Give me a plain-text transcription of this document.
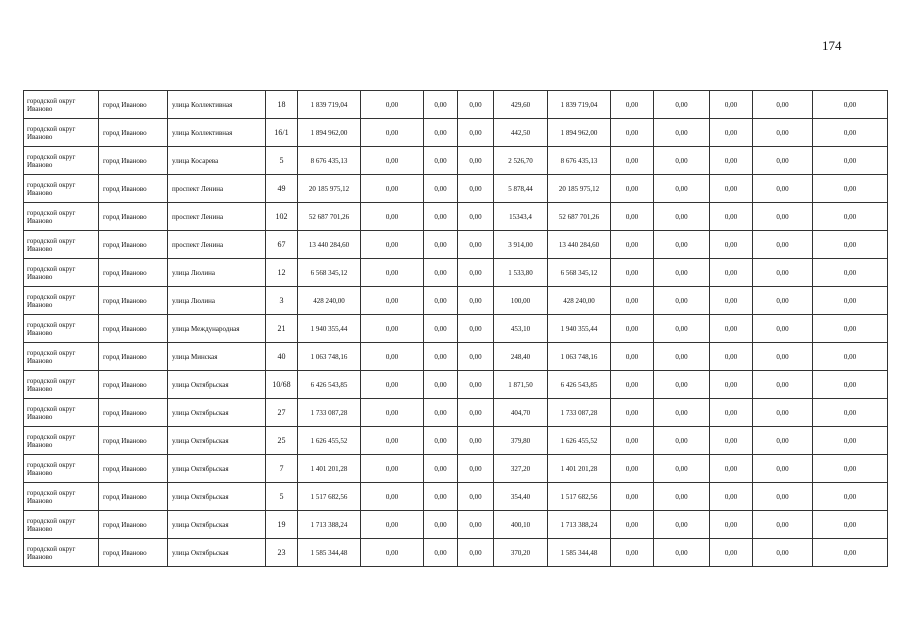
174
городской округ Иваново	город Иваново	улица Коллективная	18	1 839 719,04	0,00	0,00	0,00	429,60	1 839 719,04	0,00	0,00	0,00	0,00	0,00
городской округ Иваново	город Иваново	улица Коллективная	16/1	1 894 962,00	0,00	0,00	0,00	442,50	1 894 962,00	0,00	0,00	0,00	0,00	0,00
городской округ Иваново	город Иваново	улица Косарева	5	8 676 435,13	0,00	0,00	0,00	2 526,70	8 676 435,13	0,00	0,00	0,00	0,00	0,00
городской округ Иваново	город Иваново	проспект Ленина	49	20 185 975,12	0,00	0,00	0,00	5 878,44	20 185 975,12	0,00	0,00	0,00	0,00	0,00
городской округ Иваново	город Иваново	проспект Ленина	102	52 687 701,26	0,00	0,00	0,00	15343,4	52 687 701,26	0,00	0,00	0,00	0,00	0,00
городской округ Иваново	город Иваново	проспект Ленина	67	13 440 284,60	0,00	0,00	0,00	3 914,00	13 440 284,60	0,00	0,00	0,00	0,00	0,00
городской округ Иваново	город Иваново	улица Люлина	12	6 568 345,12	0,00	0,00	0,00	1 533,80	6 568 345,12	0,00	0,00	0,00	0,00	0,00
городской округ Иваново	город Иваново	улица Люлина	3	428 240,00	0,00	0,00	0,00	100,00	428 240,00	0,00	0,00	0,00	0,00	0,00
городской округ Иваново	город Иваново	улица Международная	21	1 940 355,44	0,00	0,00	0,00	453,10	1 940 355,44	0,00	0,00	0,00	0,00	0,00
городской округ Иваново	город Иваново	улица Минская	40	1 063 748,16	0,00	0,00	0,00	248,40	1 063 748,16	0,00	0,00	0,00	0,00	0,00
городской округ Иваново	город Иваново	улица Октябрьская	10/68	6 426 543,85	0,00	0,00	0,00	1 871,50	6 426 543,85	0,00	0,00	0,00	0,00	0,00
городской округ Иваново	город Иваново	улица Октябрьская	27	1 733 087,28	0,00	0,00	0,00	404,70	1 733 087,28	0,00	0,00	0,00	0,00	0,00
городской округ Иваново	город Иваново	улица Октябрьская	25	1 626 455,52	0,00	0,00	0,00	379,80	1 626 455,52	0,00	0,00	0,00	0,00	0,00
городской округ Иваново	город Иваново	улица Октябрьская	7	1 401 201,28	0,00	0,00	0,00	327,20	1 401 201,28	0,00	0,00	0,00	0,00	0,00
городской округ Иваново	город Иваново	улица Октябрьская	5	1 517 682,56	0,00	0,00	0,00	354,40	1 517 682,56	0,00	0,00	0,00	0,00	0,00
городской округ Иваново	город Иваново	улица Октябрьская	19	1 713 388,24	0,00	0,00	0,00	400,10	1 713 388,24	0,00	0,00	0,00	0,00	0,00
городской округ Иваново	город Иваново	улица Октябрьская	23	1 585 344,48	0,00	0,00	0,00	370,20	1 585 344,48	0,00	0,00	0,00	0,00	0,00
